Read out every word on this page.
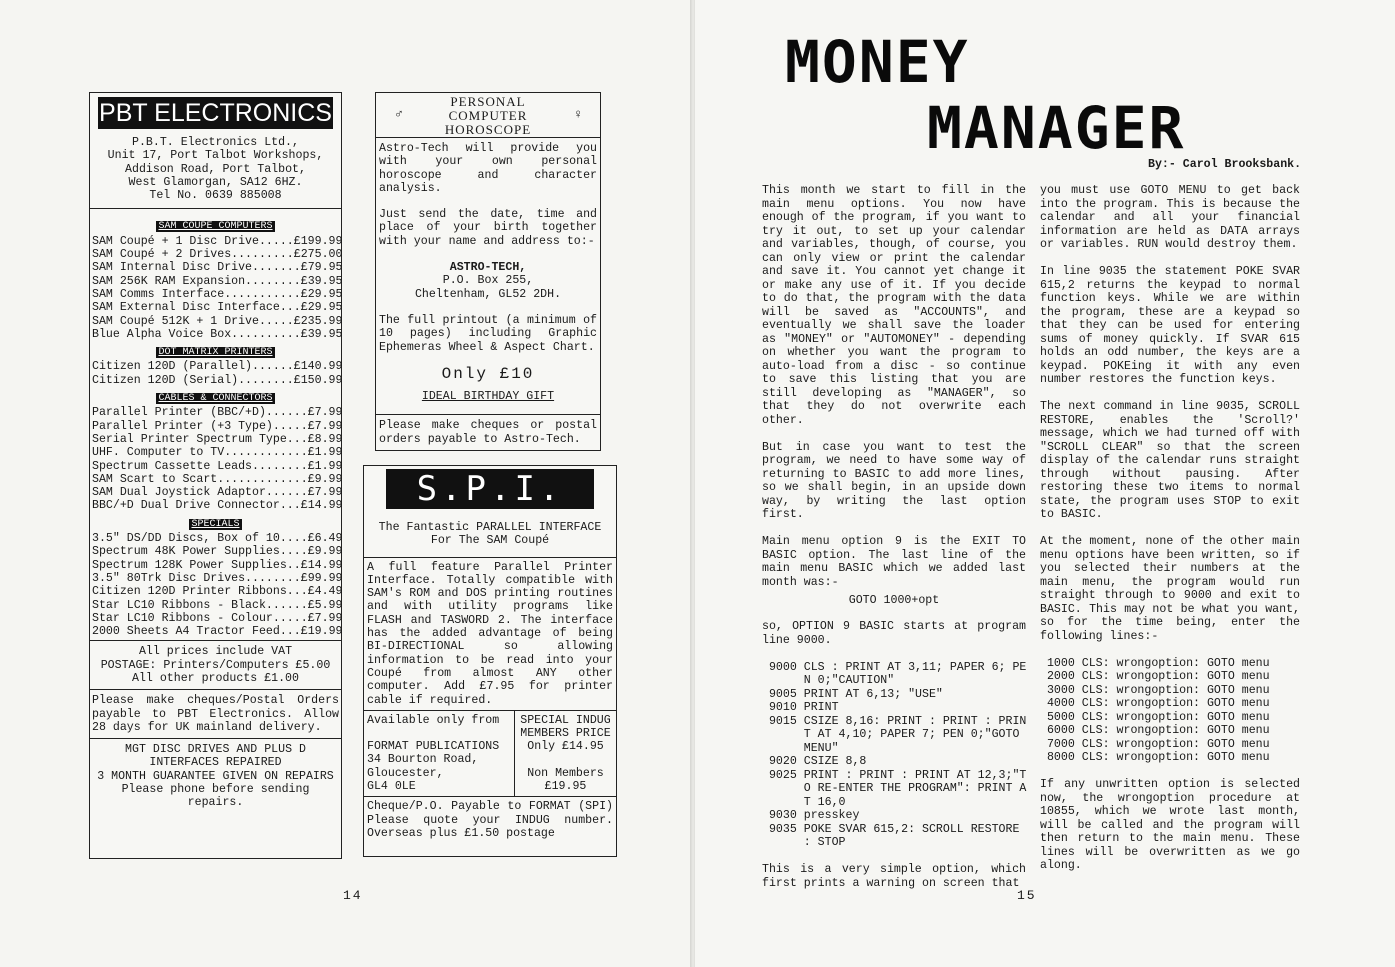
PBT ELECTRONICS
P.B.T. Electronics Ltd.,
Unit 17, Port Talbot Workshops,
Addison Road, Port Talbot,
West Glamorgan, SA12 6HZ.
Tel No. 0639 885008
SAM COUPE COMPUTERS
SAM Coupé + 1 Disc Drive..... £199.99
SAM Coupé + 2 Drives......... £275.00
SAM Internal Disc Drive....... £79.95
SAM 256K RAM Expansion........ £39.95
SAM Comms Interface........... £29.95
SAM External Disc Interface... £29.95
SAM Coupé 512K + 1 Drive..... £235.99
Blue Alpha Voice Box.......... £39.95
DOT MATRIX PRINTERS
Citizen 120D (Parallel)...... £140.99
Citizen 120D (Serial)........ £150.99
CABLES & CONNECTORS
Parallel Printer (BBC/+D)...... £7.99
Parallel Printer (+3 Type)..... £7.99
Serial Printer Spectrum Type... £8.99
UHF. Computer to TV............ £1.99
Spectrum Cassette Leads........ £1.99
SAM Scart to Scart............. £9.99
SAM Dual Joystick Adaptor...... £7.99
BBC/+D Dual Drive Connector... £14.99
SPECIALS
3.5" DS/DD Discs, Box of 10.... £6.49
Spectrum 48K Power Supplies.... £9.99
Spectrum 128K Power Supplies.. £14.99
3.5" 80Trk Disc Drives........ £99.99
Citizen 120D Printer Ribbons... £4.49
Star LC10 Ribbons - Black...... £5.99
Star LC10 Ribbons - Colour..... £7.99
2000 Sheets A4 Tractor Feed... £19.99
All prices include VAT
POSTAGE: Printers/Computers £5.00
All other products £1.00
Please make cheques/Postal Orders payable to PBT Electronics. Allow 28 days for UK mainland delivery.
MGT DISC DRIVES AND PLUS D
INTERFACES REPAIRED
3 MONTH GUARANTEE GIVEN ON REPAIRS
Please phone before sending repairs.
PERSONAL
COMPUTER
HOROSCOPE
♂	♀
Astro-Tech will provide you with your own personal horoscope and character analysis.
Just send the date, time and place of your birth together with your name and address to:-
ASTRO-TECH,
P.O. Box 255,
Cheltenham, GL52 2DH.
The full printout (a minimum of 10 pages) including Graphic Ephemeras Wheel & Aspect Chart.
Only £10
IDEAL BIRTHDAY GIFT
Please make cheques or postal orders payable to Astro-Tech.
S.P.I.
The Fantastic PARALLEL INTERFACE
For The SAM Coupé
A full feature Parallel Printer Interface. Totally compatible with SAM's ROM and DOS printing routines and with utility programs like FLASH and TASWORD 2. The interface has the added advantage of being BI-DIRECTIONAL so allowing information to be read into your Coupé from almost ANY other computer. Add £7.95 for printer cable if required.
Available only from
FORMAT PUBLICATIONS
34 Bourton Road,
Gloucester,
GL4 0LE
SPECIAL INDUG
MEMBERS PRICE
Only £14.95
Non Members
£19.95
Cheque/P.O. Payable to FORMAT (SPI) Please quote your INDUG number. Overseas plus £1.50 postage
14
MONEY
MANAGER
By:- Carol Brooksbank.

This month we start to fill in the main menu options. You now have enough of the program, if you want to try it out, to set up your calendar and variables, though, of course, you can only view or print the calendar and save it. You cannot yet change it or make any use of it. If you decide to do that, the program with the data will be saved as "ACCOUNTS", and eventually we shall save the loader as "MONEY" or "AUTOMONEY" - depending on whether you want the program to auto-load from a disc - so continue to save this listing that you are still developing as "MANAGER", so that they do not overwrite each other.

But in case you want to test the program, we need to have some way of returning to BASIC to add more lines, so we shall begin, in an upside down way, by writing the last option first.

Main menu option 9 is the EXIT TO BASIC option. The last line of the main menu BASIC which we added last month was:-

GOTO 1000+opt

so, OPTION 9 BASIC starts at program line 9000.

9000 CLS : PRINT AT 3,11; PAPER 6; PE
N 0;"CAUTION"
9005 PRINT AT 6,13; "USE"
9010 PRINT
9015 CSIZE 8,16: PRINT : PRINT : PRIN
T AT 4,10; PAPER 7; PEN 0;"GOTO
MENU"
9020 CSIZE 8,8
9025 PRINT : PRINT : PRINT AT 12,3;"T
O RE-ENTER THE PROGRAM": PRINT A
T 16,0
9030 presskey
9035 POKE SVAR 615,2: SCROLL RESTORE
: STOP

This is a very simple option, which first prints a warning on screen that

you must use GOTO MENU to get back into the program. This is because the calendar and all your financial information are held as DATA arrays or variables. RUN would destroy them.

In line 9035 the statement POKE SVAR 615,2 returns the keypad to normal function keys. While we are within the program, these are a keypad so that they can be used for entering sums of money quickly. If SVAR 615 holds an odd number, the keys are a keypad. POKEing it with any even number restores the function keys.

The next command in line 9035, SCROLL RESTORE, enables the 'Scroll?' message, which we had turned off with "SCROLL CLEAR" so that the screen display of the calendar runs straight through without pausing. After restoring these two items to normal state, the program uses STOP to exit to BASIC.

At the moment, none of the other main menu options have been written, so if you selected their numbers at the main menu, the program would run straight through to 9000 and exit to BASIC. This may not be what you want, so for the time being, enter the following lines:-

1000 CLS: wrongoption: GOTO menu
2000 CLS: wrongoption: GOTO menu
3000 CLS: wrongoption: GOTO menu
4000 CLS: wrongoption: GOTO menu
5000 CLS: wrongoption: GOTO menu
6000 CLS: wrongoption: GOTO menu
7000 CLS: wrongoption: GOTO menu
8000 CLS: wrongoption: GOTO menu

If any unwritten option is selected now, the wrongoption procedure at 10855, which we wrote last month, will be called and the program will then return to the main menu. These lines will be overwritten as we go along.

15
